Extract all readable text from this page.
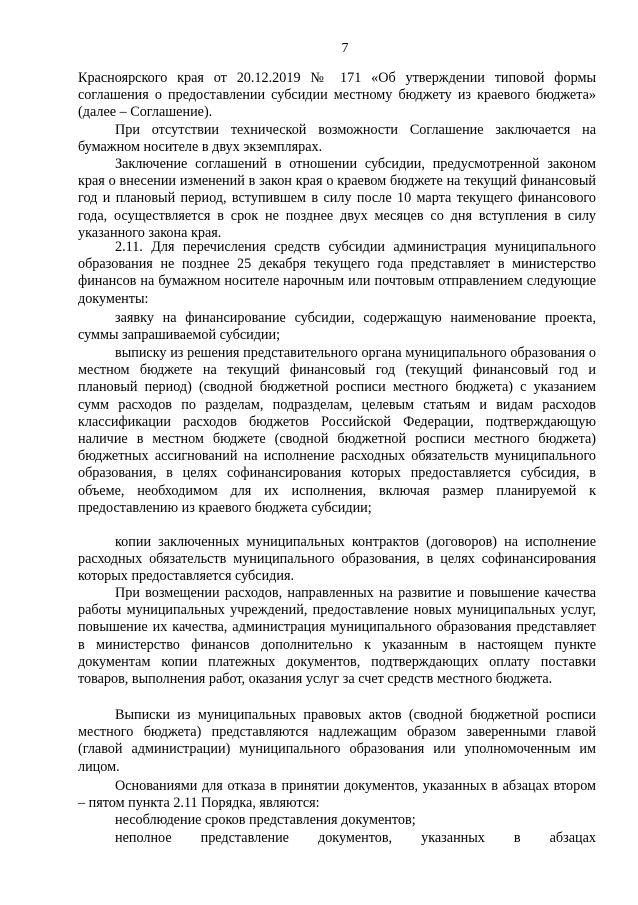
7

Красноярского края от 20.12.2019 № 171 «Об утверждении типовой формы соглашения о предоставлении субсидии местному бюджету из краевого бюджета» (далее – Соглашение).

При отсутствии технической возможности Соглашение заключается на бумажном носителе в двух экземплярах.

Заключение соглашений в отношении субсидии, предусмотренной законом края о внесении изменений в закон края о краевом бюджете на текущий финансовый год и плановый период, вступившем в силу после 10 марта текущего финансового года, осуществляется в срок не позднее двух месяцев со дня вступления в силу указанного закона края.

2.11. Для перечисления средств субсидии администрация муниципального образования не позднее 25 декабря текущего года представляет в министерство финансов на бумажном носителе нарочным или почтовым отправлением следующие документы:

заявку на финансирование субсидии, содержащую наименование проекта, суммы запрашиваемой субсидии;

выписку из решения представительного органа муниципального образования о местном бюджете на текущий финансовый год (текущий финансовый год и плановый период) (сводной бюджетной росписи местного бюджета) с указанием сумм расходов по разделам, подразделам, целевым статьям и видам расходов классификации расходов бюджетов Российской Федерации, подтверждающую наличие в местном бюджете (сводной бюджетной росписи местного бюджета) бюджетных ассигнований на исполнение расходных обязательств муниципального образования, в целях софинансирования которых предоставляется субсидия, в объеме, необходимом для их исполнения, включая размер планируемой к предоставлению из краевого бюджета субсидии;

копии заключенных муниципальных контрактов (договоров) на исполнение расходных обязательств муниципального образования, в целях софинансирования которых предоставляется субсидия.

При возмещении расходов, направленных на развитие и повышение качества работы муниципальных учреждений, предоставление новых муниципальных услуг, повышение их качества, администрация муниципального образования представляет в министерство финансов дополнительно к указанным в настоящем пункте документам копии платежных документов, подтверждающих оплату поставки товаров, выполнения работ, оказания услуг за счет средств местного бюджета.

Выписки из муниципальных правовых актов (сводной бюджетной росписи местного бюджета) представляются надлежащим образом заверенными главой (главой администрации) муниципального образования или уполномоченным им лицом.

Основаниями для отказа в принятии документов, указанных в абзацах втором – пятом пункта 2.11 Порядка, являются:

несоблюдение сроков представления документов;

неполное представление документов, указанных в абзацах
